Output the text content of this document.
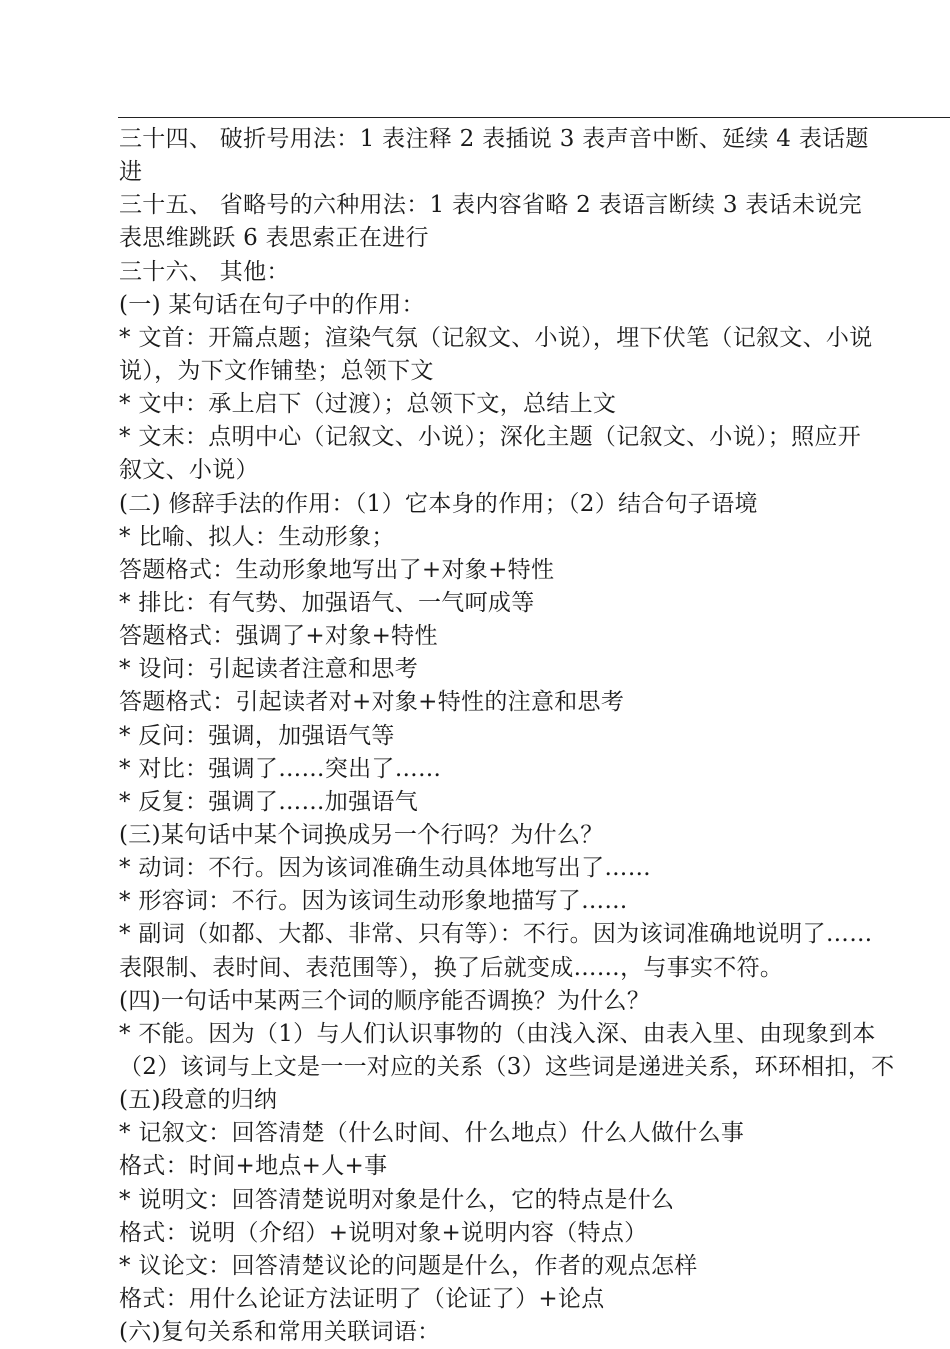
三十四、 破折号用法：1 表注释 2 表插说 3 表声音中断、延续 4 表话题
进
三十五、 省略号的六种用法：1 表内容省略 2 表语言断续 3 表话未说完
表思维跳跃 6 表思索正在进行
三十六、 其他：
(一) 某句话在句子中的作用：
* 文首：开篇点题；渲染气氛（记叙文、小说），埋下伏笔（记叙文、小说
说），为下文作铺垫；总领下文
* 文中：承上启下（过渡）；总领下文，总结上文
* 文末：点明中心（记叙文、小说）；深化主题（记叙文、小说）；照应开
叙文、小说）
(二) 修辞手法的作用：（1）它本身的作用；（2）结合句子语境
* 比喻、拟人：生动形象；
答题格式：生动形象地写出了+对象+特性
* 排比：有气势、加强语气、一气呵成等
答题格式：强调了+对象+特性
* 设问：引起读者注意和思考
答题格式：引起读者对+对象+特性的注意和思考
* 反问：强调，加强语气等
* 对比：强调了……突出了……
* 反复：强调了……加强语气
(三)某句话中某个词换成另一个行吗？为什么？
* 动词：不行。因为该词准确生动具体地写出了……
* 形容词：不行。因为该词生动形象地描写了……
* 副词（如都、大都、非常、只有等）：不行。因为该词准确地说明了……
表限制、表时间、表范围等），换了后就变成……，与事实不符。
(四)一句话中某两三个词的顺序能否调换？为什么？
* 不能。因为（1）与人们认识事物的（由浅入深、由表入里、由现象到本
（2）该词与上文是一一对应的关系（3）这些词是递进关系，环环相扣，不
(五)段意的归纳
* 记叙文：回答清楚（什么时间、什么地点）什么人做什么事
格式：时间+地点+人+事
* 说明文：回答清楚说明对象是什么，它的特点是什么
格式：说明（介绍）+说明对象+说明内容（特点）
* 议论文：回答清楚议论的问题是什么，作者的观点怎样
格式：用什么论证方法证明了（论证了）+论点
(六)复句关系和常用关联词语：
